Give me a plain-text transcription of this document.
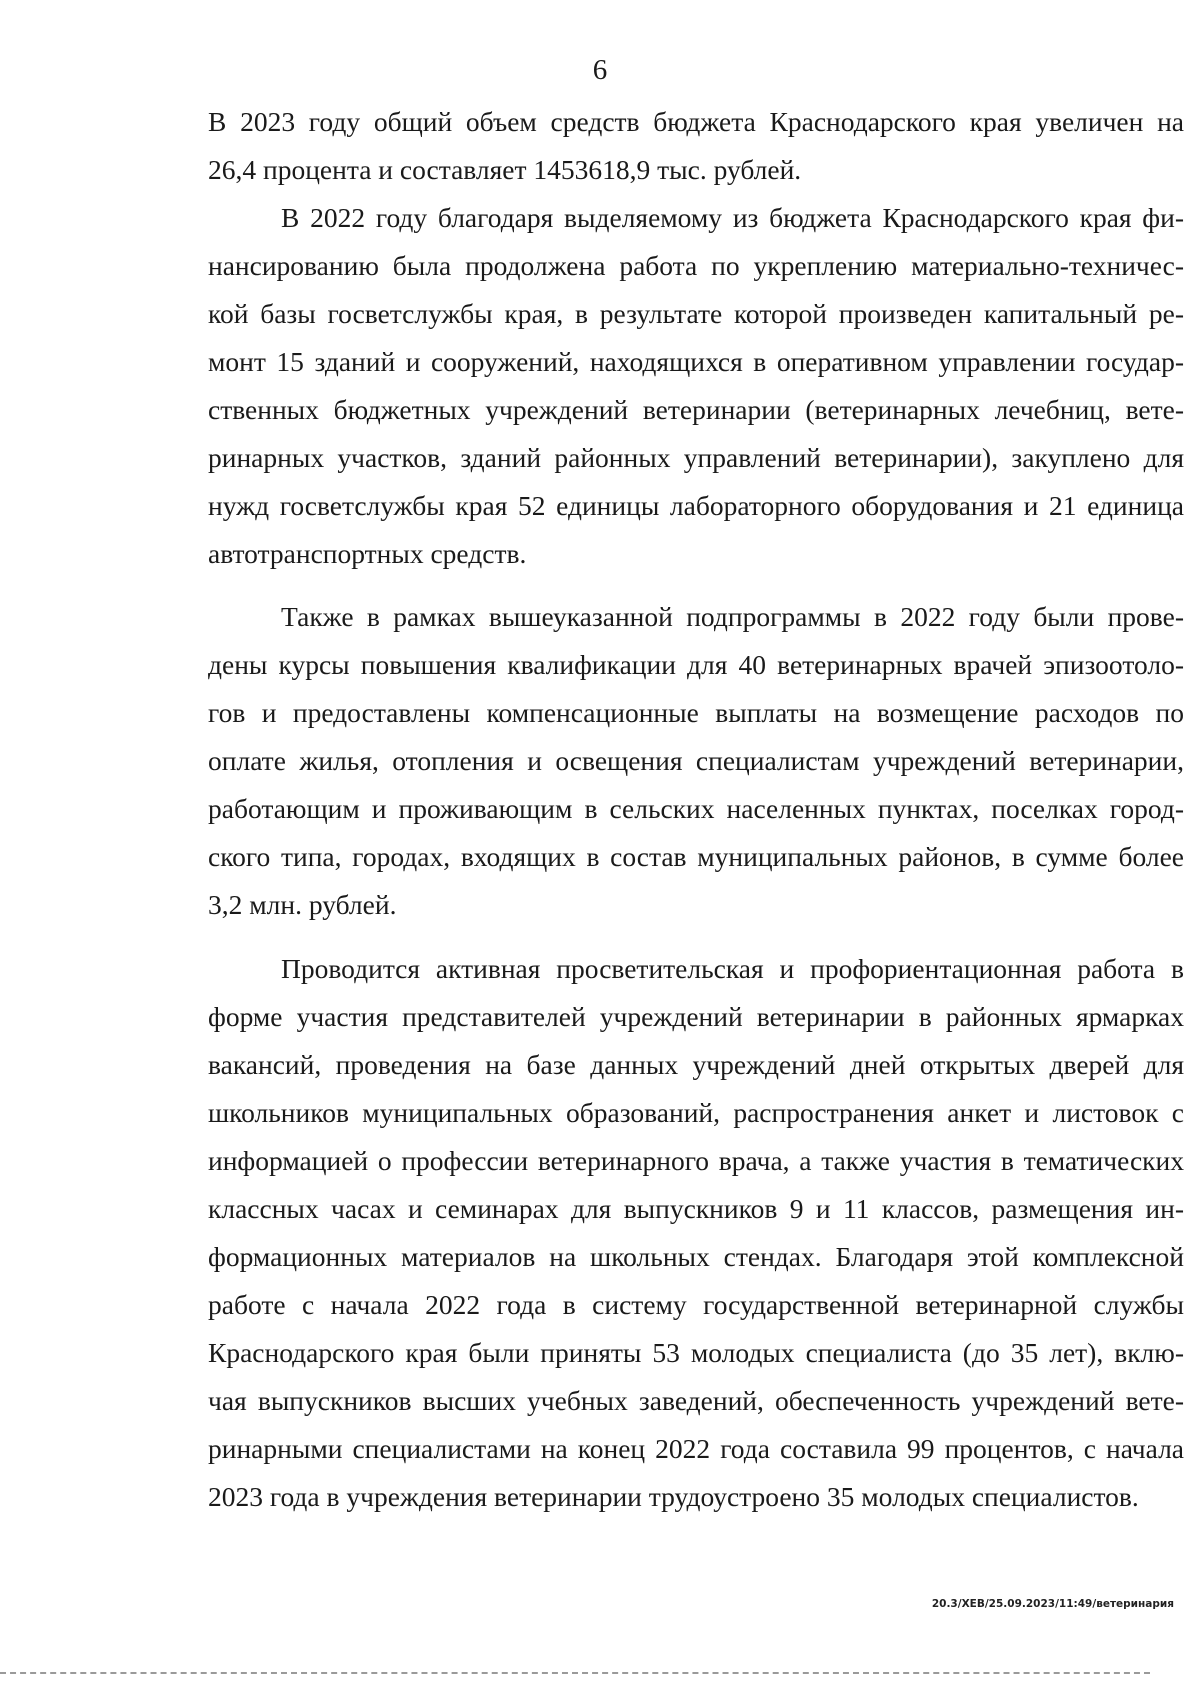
6
В 2023 году общий объем средств бюджета Краснодарского края увеличен на
26,4 процента и составляет 1453618,9 тыс. рублей.
В 2022 году благодаря выделяемому из бюджета Краснодарского края фи-
нансированию была продолжена работа по укреплению материально-техничес-
кой базы госветслужбы края, в результате которой произведен капитальный ре-
монт 15 зданий и сооружений, находящихся в оперативном управлении государ-
ственных бюджетных учреждений ветеринарии (ветеринарных лечебниц, вете-
ринарных участков, зданий районных управлений ветеринарии), закуплено для
нужд госветслужбы края 52 единицы лабораторного оборудования и 21 единица
автотранспортных средств.
Также в рамках вышеуказанной подпрограммы в 2022 году были прове-
дены курсы повышения квалификации для 40 ветеринарных врачей эпизоотоло-
гов и предоставлены компенсационные выплаты на возмещение расходов по
оплате жилья, отопления и освещения специалистам учреждений ветеринарии,
работающим и проживающим в сельских населенных пунктах, поселках город-
ского типа, городах, входящих в состав муниципальных районов, в сумме более
3,2 млн. рублей.
Проводится активная просветительская и профориентационная работа в
форме участия представителей учреждений ветеринарии в районных ярмарках
вакансий, проведения на базе данных учреждений дней открытых дверей для
школьников муниципальных образований, распространения анкет и листовок с
информацией о профессии ветеринарного врача, а также участия в тематических
классных часах и семинарах для выпускников 9 и 11 классов, размещения ин-
формационных материалов на школьных стендах. Благодаря этой комплексной
работе с начала 2022 года в систему государственной ветеринарной службы
Краснодарского края были приняты 53 молодых специалиста (до 35 лет), вклю-
чая выпускников высших учебных заведений, обеспеченность учреждений вете-
ринарными специалистами на конец 2022 года составила 99 процентов, с начала
2023 года в учреждения ветеринарии трудоустроено 35 молодых специалистов.
20.3/ХЕВ/25.09.2023/11:49/ветеринария
